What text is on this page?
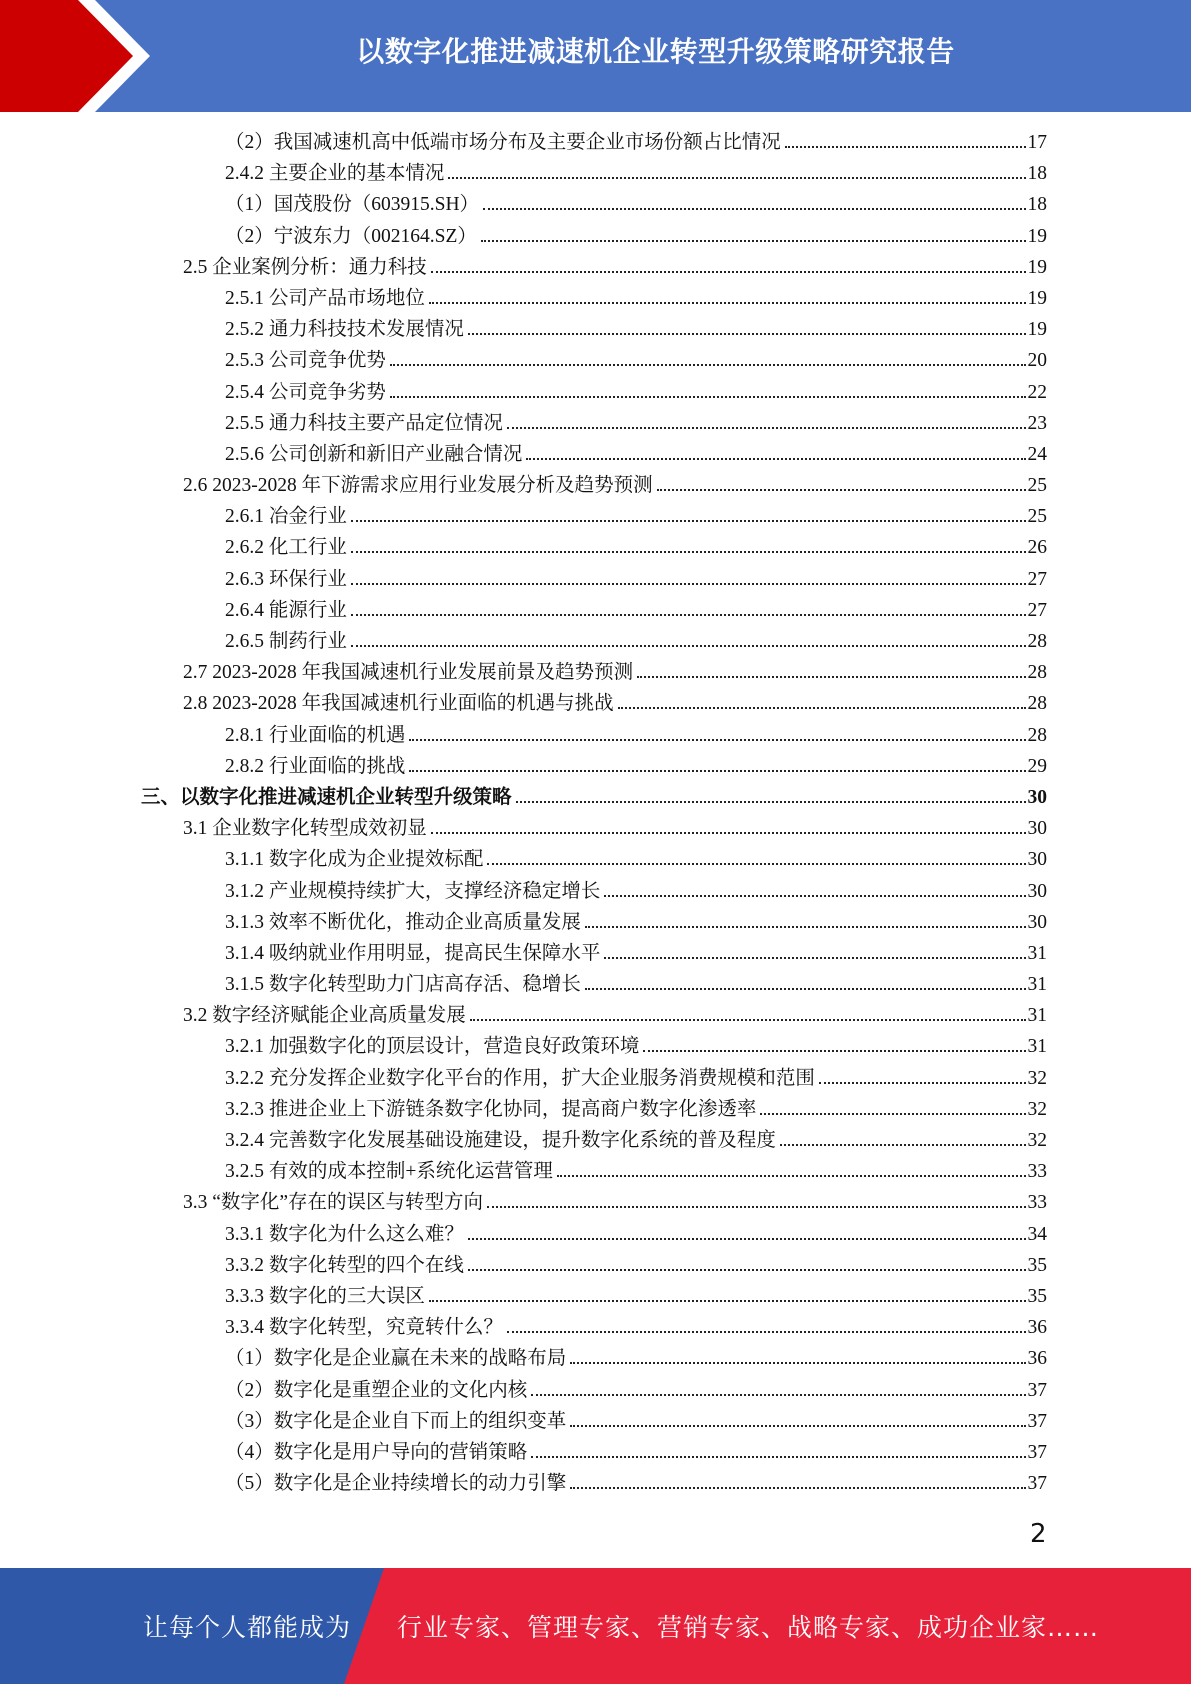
以数字化推进减速机企业转型升级策略研究报告
（2）我国减速机高中低端市场分布及主要企业市场份额占比情况	17
2.4.2 主要企业的基本情况	18
（1）国茂股份（603915.SH）	18
（2）宁波东力（002164.SZ）	19
2.5 企业案例分析：通力科技	19
2.5.1 公司产品市场地位	19
2.5.2 通力科技技术发展情况	19
2.5.3 公司竞争优势	20
2.5.4 公司竞争劣势	22
2.5.5 通力科技主要产品定位情况	23
2.5.6 公司创新和新旧产业融合情况	24
2.6 2023-2028 年下游需求应用行业发展分析及趋势预测	25
2.6.1 冶金行业	25
2.6.2 化工行业	26
2.6.3 环保行业	27
2.6.4 能源行业	27
2.6.5 制药行业	28
2.7 2023-2028 年我国减速机行业发展前景及趋势预测	28
2.8 2023-2028 年我国减速机行业面临的机遇与挑战	28
2.8.1 行业面临的机遇	28
2.8.2 行业面临的挑战	29
三、以数字化推进减速机企业转型升级策略	30
3.1 企业数字化转型成效初显	30
3.1.1 数字化成为企业提效标配	30
3.1.2 产业规模持续扩大，支撑经济稳定增长	30
3.1.3 效率不断优化，推动企业高质量发展	30
3.1.4 吸纳就业作用明显，提高民生保障水平	31
3.1.5 数字化转型助力门店高存活、稳增长	31
3.2 数字经济赋能企业高质量发展	31
3.2.1 加强数字化的顶层设计，营造良好政策环境	31
3.2.2 充分发挥企业数字化平台的作用，扩大企业服务消费规模和范围	32
3.2.3 推进企业上下游链条数字化协同，提高商户数字化渗透率	32
3.2.4 完善数字化发展基础设施建设，提升数字化系统的普及程度	32
3.2.5 有效的成本控制+系统化运营管理	33
3.3 “数字化”存在的误区与转型方向	33
3.3.1 数字化为什么这么难？	34
3.3.2 数字化转型的四个在线	35
3.3.3 数字化的三大误区	35
3.3.4 数字化转型，究竟转什么？	36
（1）数字化是企业赢在未来的战略布局	36
（2）数字化是重塑企业的文化内核	37
（3）数字化是企业自下而上的组织变革	37
（4）数字化是用户导向的营销策略	37
（5）数字化是企业持续增长的动力引擎	37
2
让每个人都能成为 行业专家、管理专家、营销专家、战略专家、成功企业家……
